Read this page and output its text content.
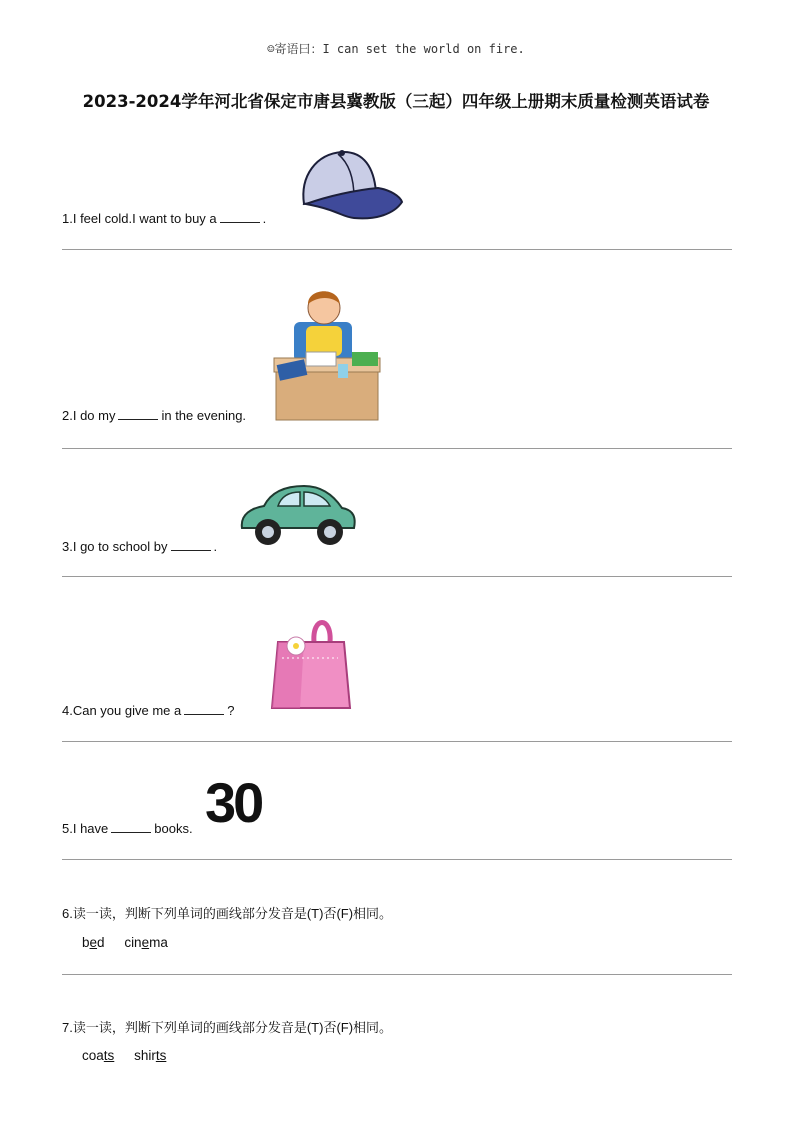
☺寄语曰：I can set the world on fire.
2023-2024学年河北省保定市唐县冀教版（三起）四年级上册期末质量检测英语试卷
1.I feel cold.I want to buy a	.
2.I do my	in the evening.
3.I go to school by	.
4.Can you give me a	?
30
5.I have	books.
6.读一读，判断下列单词的画线部分发音是(T)否(F)相同。
bed cinema
7.读一读，判断下列单词的画线部分发音是(T)否(F)相同。
coats shirts
